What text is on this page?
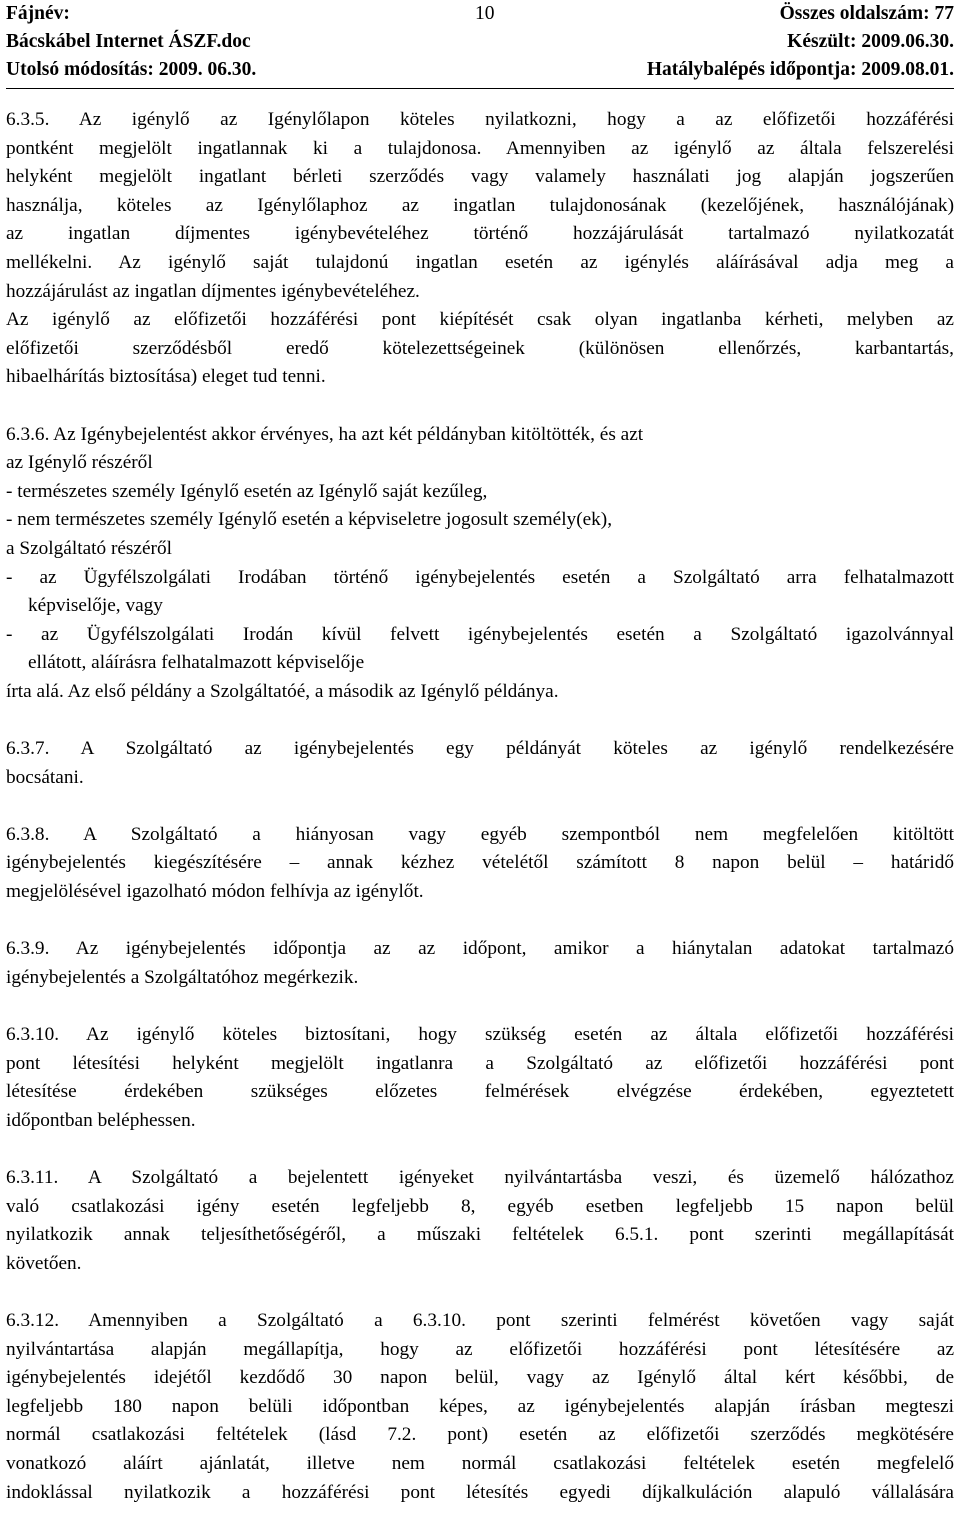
Fájnév:	10	Összes oldalszám: 77
Bácskábel Internet ÁSZF.doc	Készült: 2009.06.30.
Utolsó módosítás: 2009. 06.30.	Hatálybalépés időpontja: 2009.08.01.
6.3.5. Az igénylő az Igénylőlapon köteles nyilatkozni, hogy a az előfizetői hozzáférési
pontként megjelölt ingatlannak ki a tulajdonosa. Amennyiben az igénylő az általa felszerelési
helyként megjelölt ingatlant bérleti szerződés vagy valamely használati jog alapján jogszerűen
használja, köteles az Igénylőlaphoz az ingatlan tulajdonosának (kezelőjének, használójának)
az ingatlan díjmentes igénybevételéhez történő hozzájárulását tartalmazó nyilatkozatát
mellékelni. Az igénylő saját tulajdonú ingatlan esetén az igénylés aláírásával adja meg a
hozzájárulást az ingatlan díjmentes igénybevételéhez.
Az igénylő az előfizetői hozzáférési pont kiépítését csak olyan ingatlanba kérheti, melyben az
előfizetői szerződésből eredő kötelezettségeinek (különösen ellenőrzés, karbantartás,
hibaelhárítás biztosítása) eleget tud tenni.
6.3.6. Az Igénybejelentést akkor érvényes, ha azt két példányban kitöltötték, és azt
az Igénylő részéről
- természetes személy Igénylő esetén az Igénylő saját kezűleg,
- nem természetes személy Igénylő esetén a képviseletre jogosult személy(ek),
a Szolgáltató részéről
- az Ügyfélszolgálati Irodában történő igénybejelentés esetén a Szolgáltató arra felhatalmazott
képviselője, vagy
- az Ügyfélszolgálati Irodán kívül felvett igénybejelentés esetén a Szolgáltató igazolvánnyal
ellátott, aláírásra felhatalmazott képviselője
írta alá. Az első példány a Szolgáltatóé, a második az Igénylő példánya.
6.3.7. A Szolgáltató az igénybejelentés egy példányát köteles az igénylő rendelkezésére
bocsátani.
6.3.8. A Szolgáltató a hiányosan vagy egyéb szempontból nem megfelelően kitöltött
igénybejelentés kiegészítésére – annak kézhez vételétől számított 8 napon belül – határidő
megjelölésével igazolható módon felhívja az igénylőt.
6.3.9. Az igénybejelentés időpontja az az időpont, amikor a hiánytalan adatokat tartalmazó
igénybejelentés a Szolgáltatóhoz megérkezik.
6.3.10. Az igénylő köteles biztosítani, hogy szükség esetén az általa előfizetői hozzáférési
pont létesítési helyként megjelölt ingatlanra a Szolgáltató az előfizetői hozzáférési pont
létesítése érdekében szükséges előzetes felmérések elvégzése érdekében, egyeztetett
időpontban beléphessen.
6.3.11. A Szolgáltató a bejelentett igényeket nyilvántartásba veszi, és üzemelő hálózathoz
való csatlakozási igény esetén legfeljebb 8, egyéb esetben legfeljebb 15 napon belül
nyilatkozik annak teljesíthetőségéről, a műszaki feltételek 6.5.1. pont szerinti megállapítását
követően.
6.3.12. Amennyiben a Szolgáltató a 6.3.10. pont szerinti felmérést követően vagy saját
nyilvántartása alapján megállapítja, hogy az előfizetői hozzáférési pont létesítésére az
igénybejelentés idejétől kezdődő 30 napon belül, vagy az Igénylő által kért későbbi, de
legfeljebb 180 napon belüli időpontban képes, az igénybejelentés alapján írásban megteszi
normál csatlakozási feltételek (lásd 7.2. pont) esetén az előfizetői szerződés megkötésére
vonatkozó aláírt ajánlatát, illetve nem normál csatlakozási feltételek esetén megfelelő
indoklással nyilatkozik a hozzáférési pont létesítés egyedi díjkalkuláción alapuló vállalására
